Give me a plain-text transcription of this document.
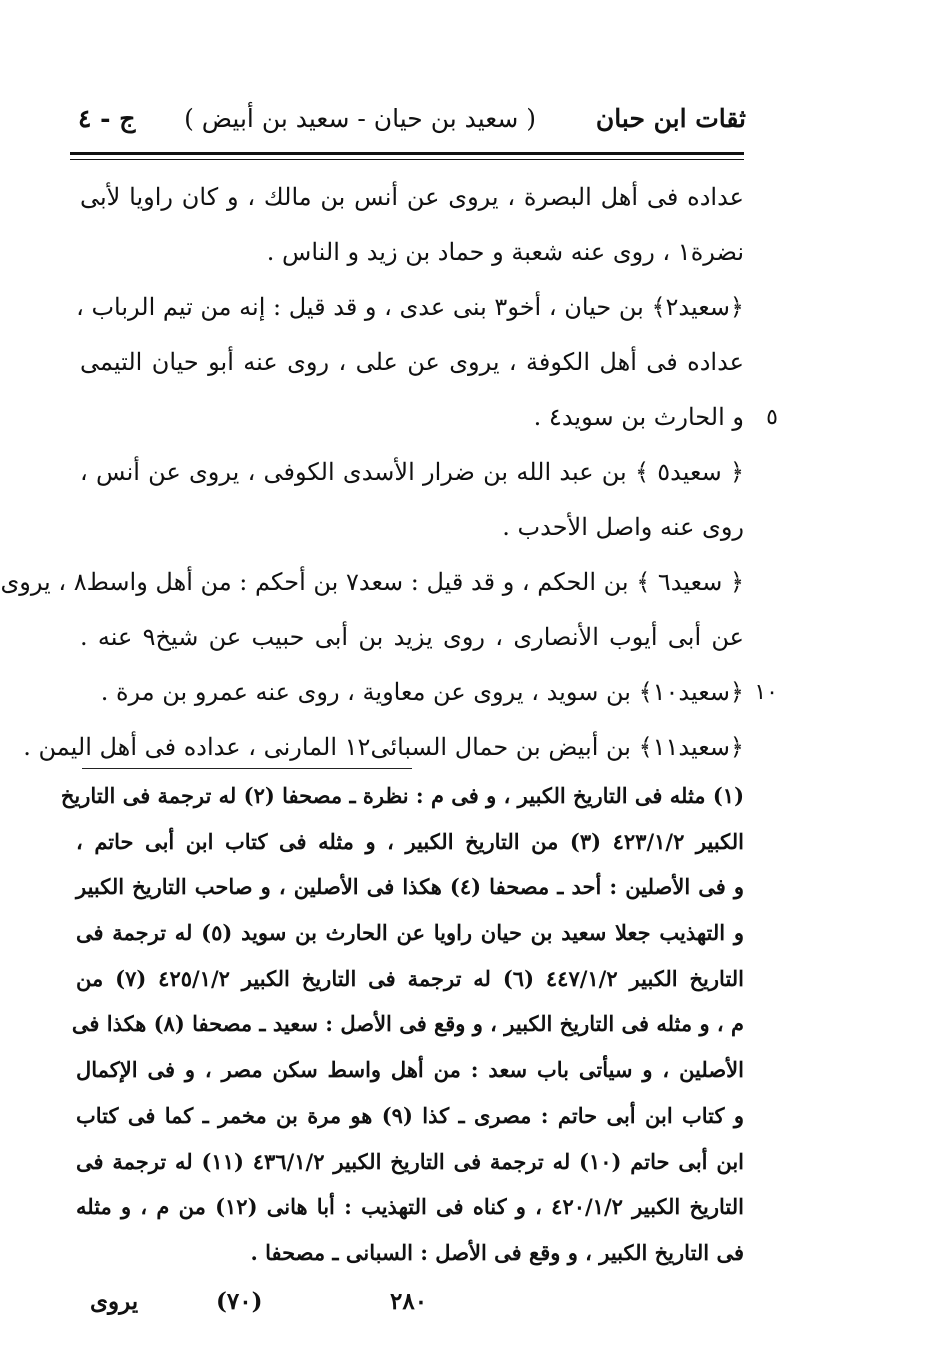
ثقات ابن حبان
( سعيد بن حيان - سعيد بن أبيض )
ج - ٤
عداده فى أهل البصرة ، يروى عن أنس بن مالك ، و كان راويا لأبى
نضرة١ ، روى عنه شعبة و حماد بن زيد و الناس .
﴿سعيد٢﴾ بن حيان ، أخو٣ بنى عدى ، و قد قيل : إنه من تيم الرباب ،
عداده فى أهل الكوفة ، يروى عن على ، روى عنه أبو حيان التيمى
٥
و الحارث بن سويد٤ .
﴿ سعيد٥ ﴾ بن عبد الله بن ضرار الأسدى الكوفى ، يروى عن أنس ،
روى عنه واصل الأحدب .
﴿ سعيد٦ ﴾ بن الحكم ، و قد قيل : سعد٧ بن أحكم : من أهل واسط٨ ، يروى
عن أبى أيوب الأنصارى ، روى يزيد بن أبى حبيب عن شيخ٩ عنه .
١٠
﴿سعيد١٠﴾ بن سويد ، يروى عن معاوية ، روى عنه عمرو بن مرة .
﴿سعيد١١﴾ بن أبيض بن حمال السبائى١٢ المارنى ، عداده فى أهل اليمن .
(١) مثله فى التاريخ الكبير ، و فى م : نظرة ـ مصحفا (٢) له ترجمة فى التاريخ
الكبير ٤٢٣/١/٢ (٣) من التاريخ الكبير ، و مثله فى كتاب ابن أبى حاتم ،
و فى الأصلين : أحد ـ مصحفا (٤) هكذا فى الأصلين ، و صاحب التاريخ الكبير
و التهذيب جعلا سعيد بن حيان راويا عن الحارث بن سويد (٥) له ترجمة فى
التاريخ الكبير ٤٤٧/١/٢ (٦) له ترجمة فى التاريخ الكبير ٤٢٥/١/٢ (٧) من
م ، و مثله فى التاريخ الكبير ، و وقع فى الأصل : سعيد ـ مصحفا (٨) هكذا فى
الأصلين ، و سيأتى باب سعد : من أهل واسط سكن مصر ، و فى الإكمال
و كتاب ابن أبى حاتم : مصرى ـ كذا (٩) هو مرة بن مخمر ـ كما فى كتاب
ابن أبى حاتم (١٠) له ترجمة فى التاريخ الكبير ٤٣٦/١/٢ (١١) له ترجمة فى
التاريخ الكبير ٤٢٠/١/٢ ، و كناه فى التهذيب : أبا هانى (١٢) من م ، و مثله
فى التاريخ الكبير ، و وقع فى الأصل : السبانى ـ مصحفا .
يروى	(٧٠)	٢٨٠
